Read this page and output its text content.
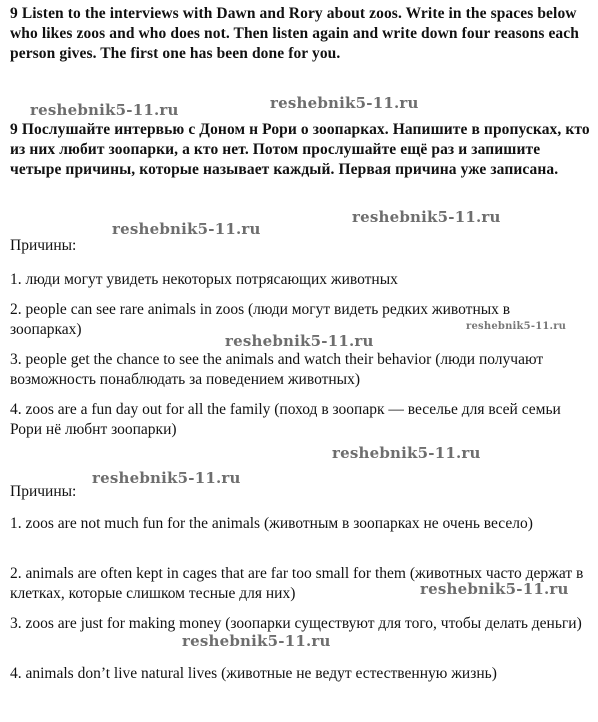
9 Listen to the interviews with Dawn and Rory about zoos. Write in the spaces below who likes zoos and who does not. Then listen again and write down four reasons each person gives. The first one has been done for you.
9 Послушайте интервью с Доном н Рори о зоопарках. Напишите в пропусках, кто из них любит зоопарки, а кто нет. Потом прослушайте ещё раз и запишите четыре причины, которые называет каждый. Первая причина уже записана.
Причины:
1. люди могут увидеть некоторых потрясающих животных
2. people can see rare animals in zoos (люди могут видеть редких животных в зоопарках)
3. people get the chance to see the animals and watch their behavior (люди получают возможность понаблюдать за поведением животных)
4. zoos are a fun day out for all the family (поход в зоопарк — веселье для всей семьи Рори нё любнт зоопарки)
Причины:
1. zoos are not much fun for the animals (животным в зоопарках не очень весело)
2. animals are often kept in cages that are far too small for them (животных часто держат в клетках, которые слишком тесные для них)
3. zoos are just for making money (зоопарки существуют для того, чтобы делать деньги)
4. animals don’t live natural lives (животные не ведут естественную жизнь)
reshebnik5-11.ru	reshebnik5-11.ru
reshebnik5-11.ru
reshebnik5-11.ru
reshebnik5-11.ru
reshebnik5-11.ru
reshebnik5-11.ru
reshebnik5-11.ru
reshebnik5-11.ru
reshebnik5-11.ru
